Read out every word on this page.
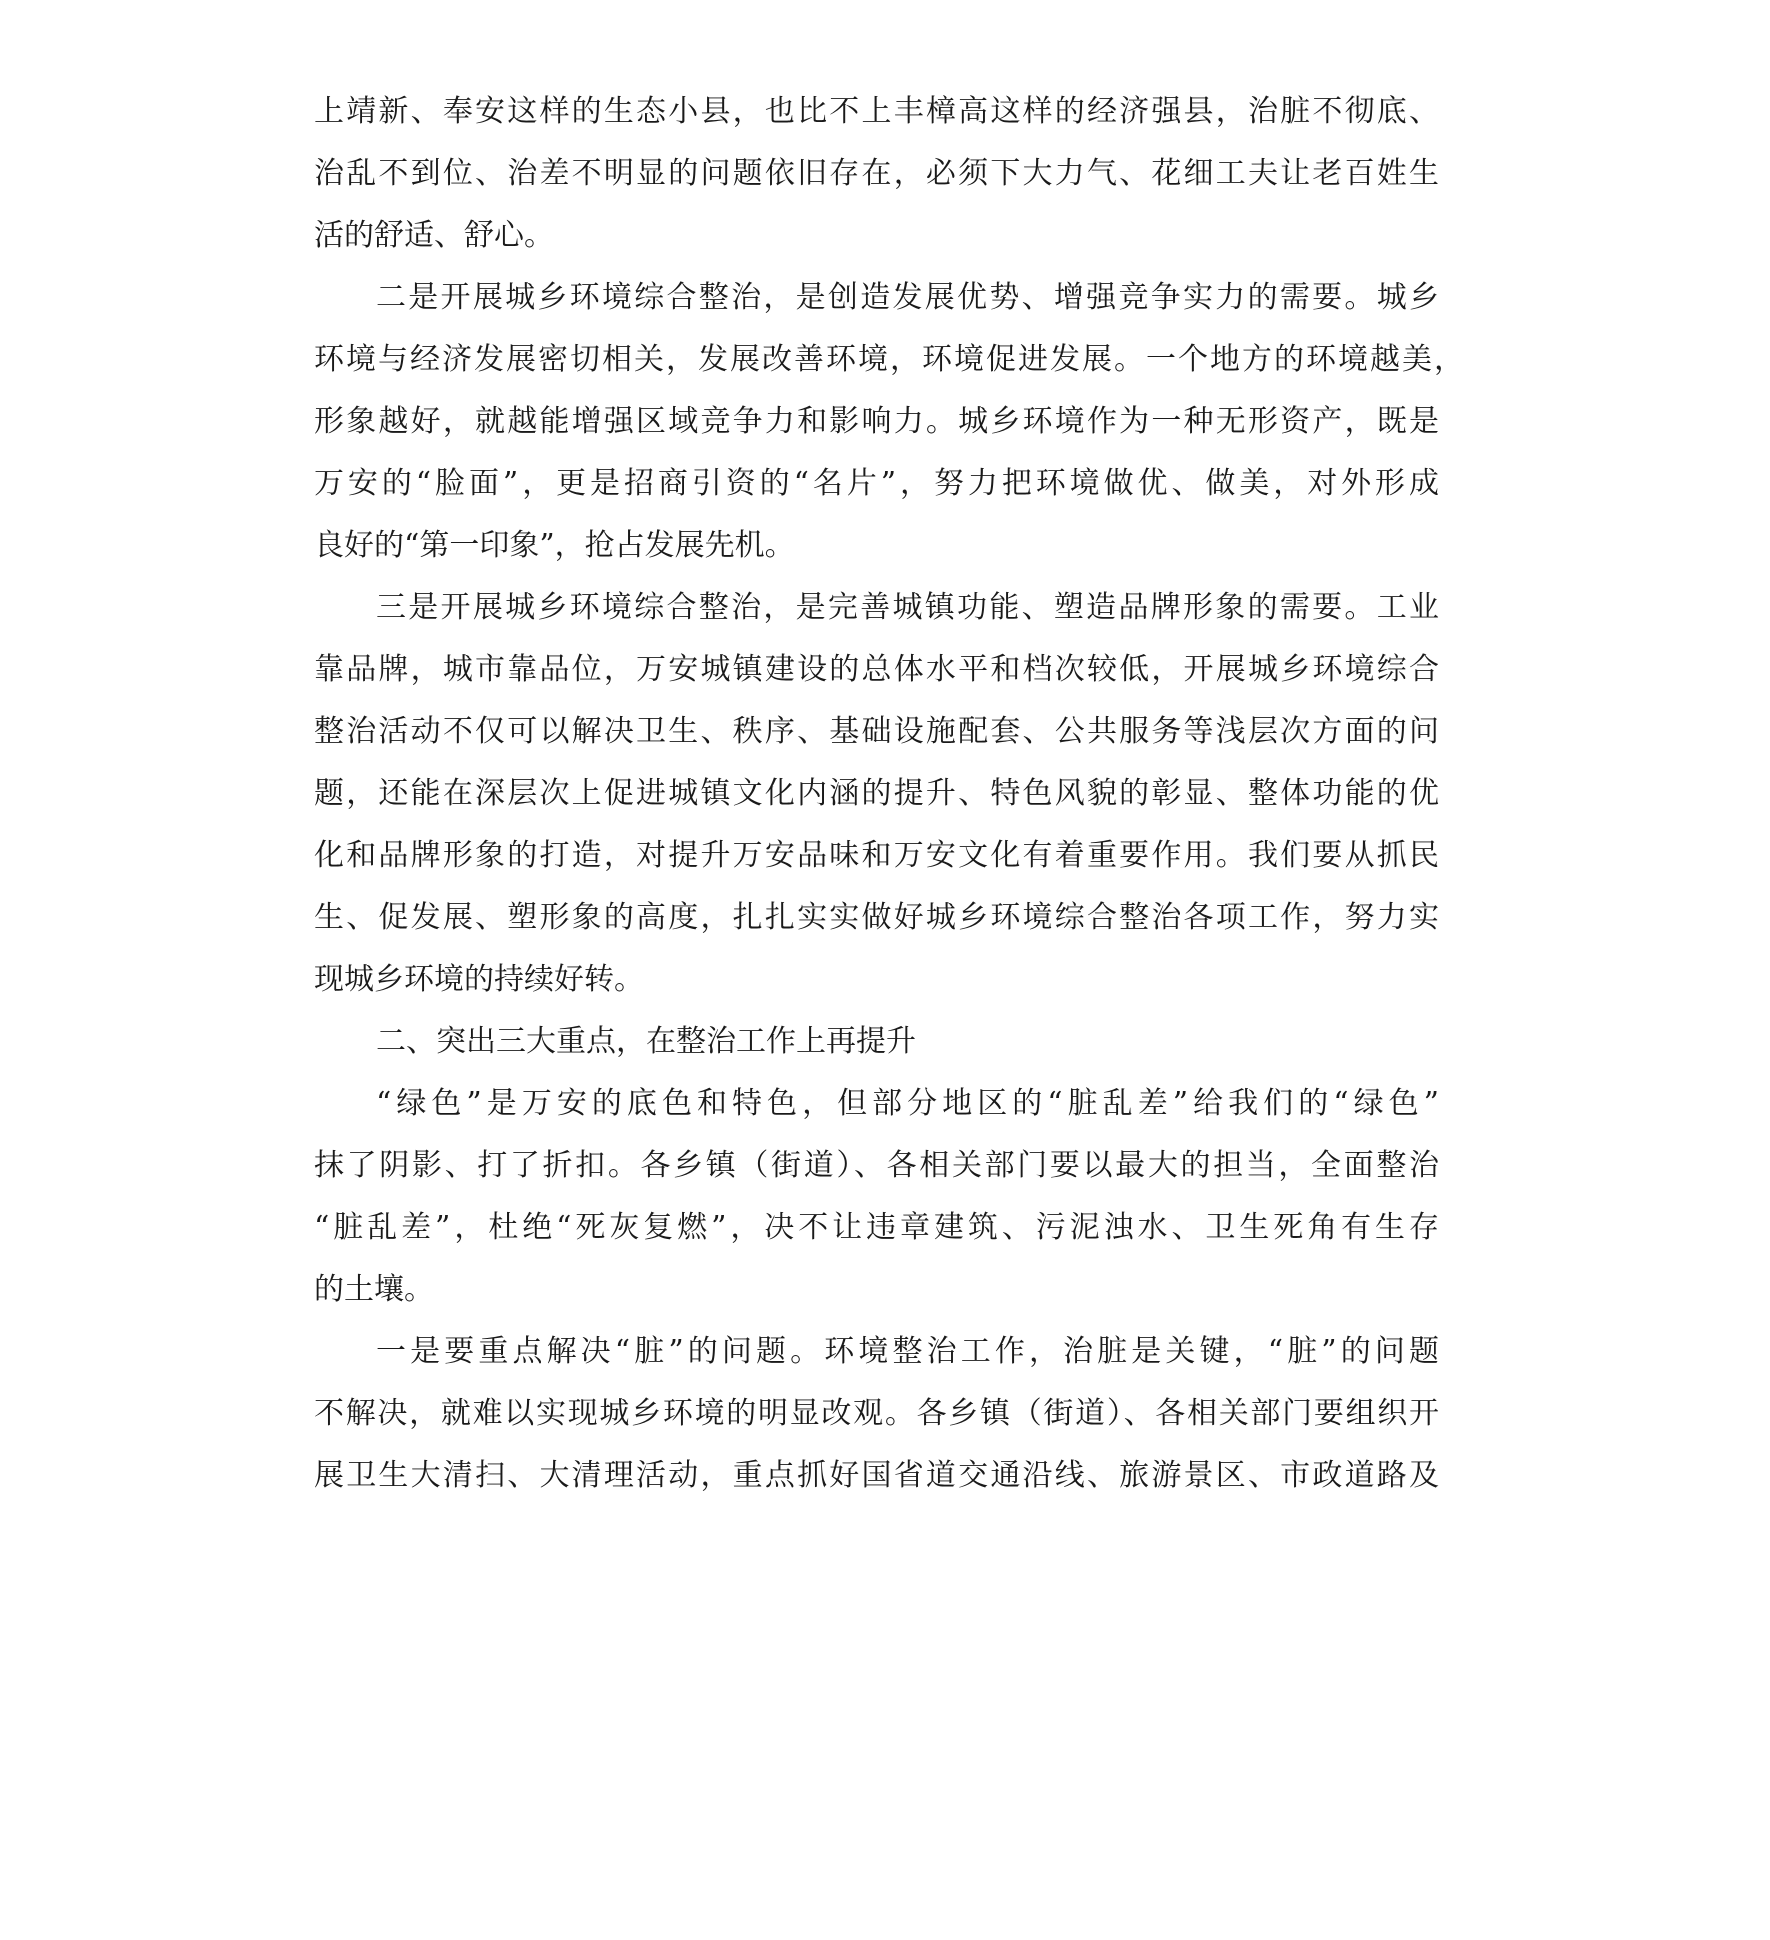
上靖新、奉安这样的生态小县，也比不上丰樟高这样的经济强县，治脏不彻底、
治乱不到位、治差不明显的问题依旧存在，必须下大力气、花细工夫让老百姓生
活的舒适、舒心。
二是开展城乡环境综合整治，是创造发展优势、增强竞争实力的需要。城乡
环境与经济发展密切相关，发展改善环境，环境促进发展。一个地方的环境越美，
形象越好，就越能增强区域竞争力和影响力。城乡环境作为一种无形资产，既是
万安的“脸面”，更是招商引资的“名片”，努力把环境做优、做美，对外形成
良好的“第一印象”，抢占发展先机。
三是开展城乡环境综合整治，是完善城镇功能、塑造品牌形象的需要。工业
靠品牌，城市靠品位，万安城镇建设的总体水平和档次较低，开展城乡环境综合
整治活动不仅可以解决卫生、秩序、基础设施配套、公共服务等浅层次方面的问
题，还能在深层次上促进城镇文化内涵的提升、特色风貌的彰显、整体功能的优
化和品牌形象的打造，对提升万安品味和万安文化有着重要作用。我们要从抓民
生、促发展、塑形象的高度，扎扎实实做好城乡环境综合整治各项工作，努力实
现城乡环境的持续好转。
二、突出三大重点，在整治工作上再提升
“绿色”是万安的底色和特色，但部分地区的“脏乱差”给我们的“绿色”
抹了阴影、打了折扣。各乡镇（街道）、各相关部门要以最大的担当，全面整治
“脏乱差”，杜绝“死灰复燃”，决不让违章建筑、污泥浊水、卫生死角有生存
的土壤。
一是要重点解决“脏”的问题。环境整治工作，治脏是关键，“脏”的问题
不解决，就难以实现城乡环境的明显改观。各乡镇（街道）、各相关部门要组织开
展卫生大清扫、大清理活动，重点抓好国省道交通沿线、旅游景区、市政道路及
